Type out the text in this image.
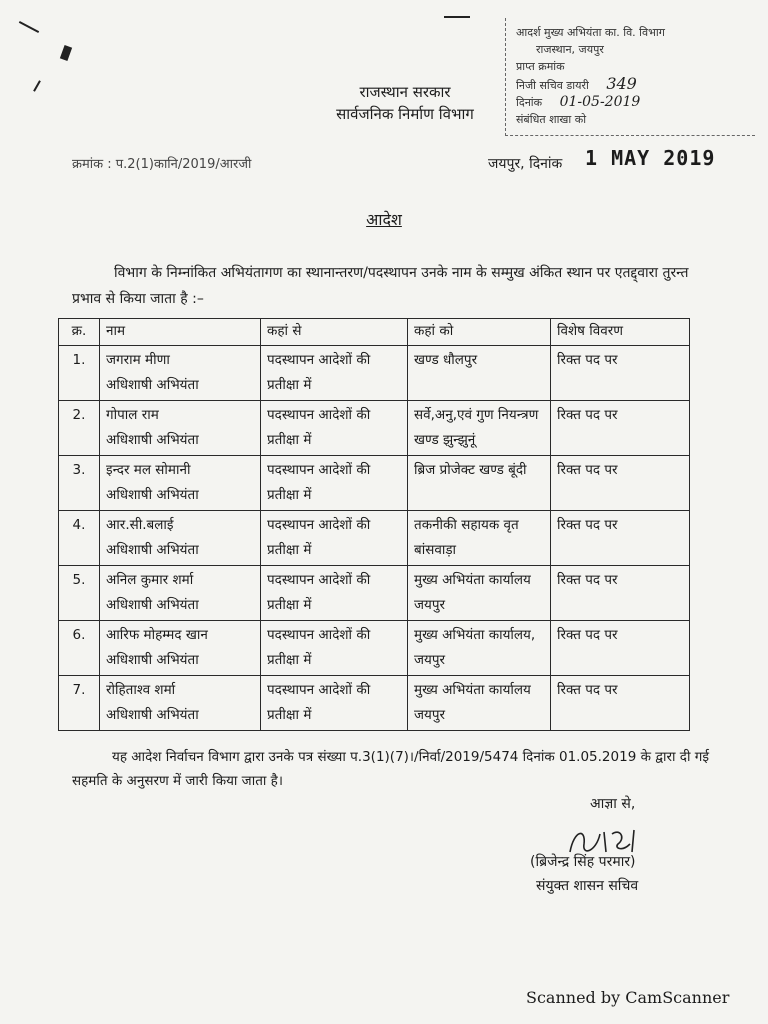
आदर्श मुख्य अभियंता का. वि. विभाग
राजस्थान, जयपुर
प्राप्त क्रमांक
निजी सचिव डायरी 349
दिनांक 01-05-2019
संबंधित शाखा को
राजस्थान सरकार
सार्वजनिक निर्माण विभाग
क्रमांक : प.2(1)कानि/2019/आरजी	जयपुर, दिनांक 1 MAY 2019
आदेश
विभाग के निम्नांकित अभियंतागण का स्थानान्तरण/पदस्थापन उनके नाम के सम्मुख अंकित स्थान पर एतद्द्वारा तुरन्त प्रभाव से किया जाता है :–
क्र.	नाम	कहां से	कहां को	विशेष विवरण
1.	जगराम मीणा
अधिशाषी अभियंता	पदस्थापन आदेशों की प्रतीक्षा में	खण्ड धौलपुर	रिक्त पद पर
2.	गोपाल राम
अधिशाषी अभियंता	पदस्थापन आदेशों की प्रतीक्षा में	सर्वे,अनु,एवं गुण नियन्त्रण खण्ड झुन्झुनूं	रिक्त पद पर
3.	इन्दर मल सोमानी
अधिशाषी अभियंता	पदस्थापन आदेशों की प्रतीक्षा में	ब्रिज प्रोजेक्ट खण्ड बूंदी	रिक्त पद पर
4.	आर.सी.बलाई
अधिशाषी अभियंता	पदस्थापन आदेशों की प्रतीक्षा में	तकनीकी सहायक वृत बांसवाड़ा	रिक्त पद पर
5.	अनिल कुमार शर्मा
अधिशाषी अभियंता	पदस्थापन आदेशों की प्रतीक्षा में	मुख्य अभियंता कार्यालय जयपुर	रिक्त पद पर
6.	आरिफ मोहम्मद खान
अधिशाषी अभियंता	पदस्थापन आदेशों की प्रतीक्षा में	मुख्य अभियंता कार्यालय, जयपुर	रिक्त पद पर
7.	रोहिताश्व शर्मा
अधिशाषी अभियंता	पदस्थापन आदेशों की प्रतीक्षा में	मुख्य अभियंता कार्यालय जयपुर	रिक्त पद पर
यह आदेश निर्वाचन विभाग द्वारा उनके पत्र संख्या प.3(1)(7)।/निर्वा/2019/5474 दिनांक 01.05.2019 के द्वारा दी गई सहमति के अनुसरण में जारी किया जाता है।
आज्ञा से,
(ब्रिजेन्द्र सिंह परमार)
संयुक्त शासन सचिव
Scanned by CamScanner
